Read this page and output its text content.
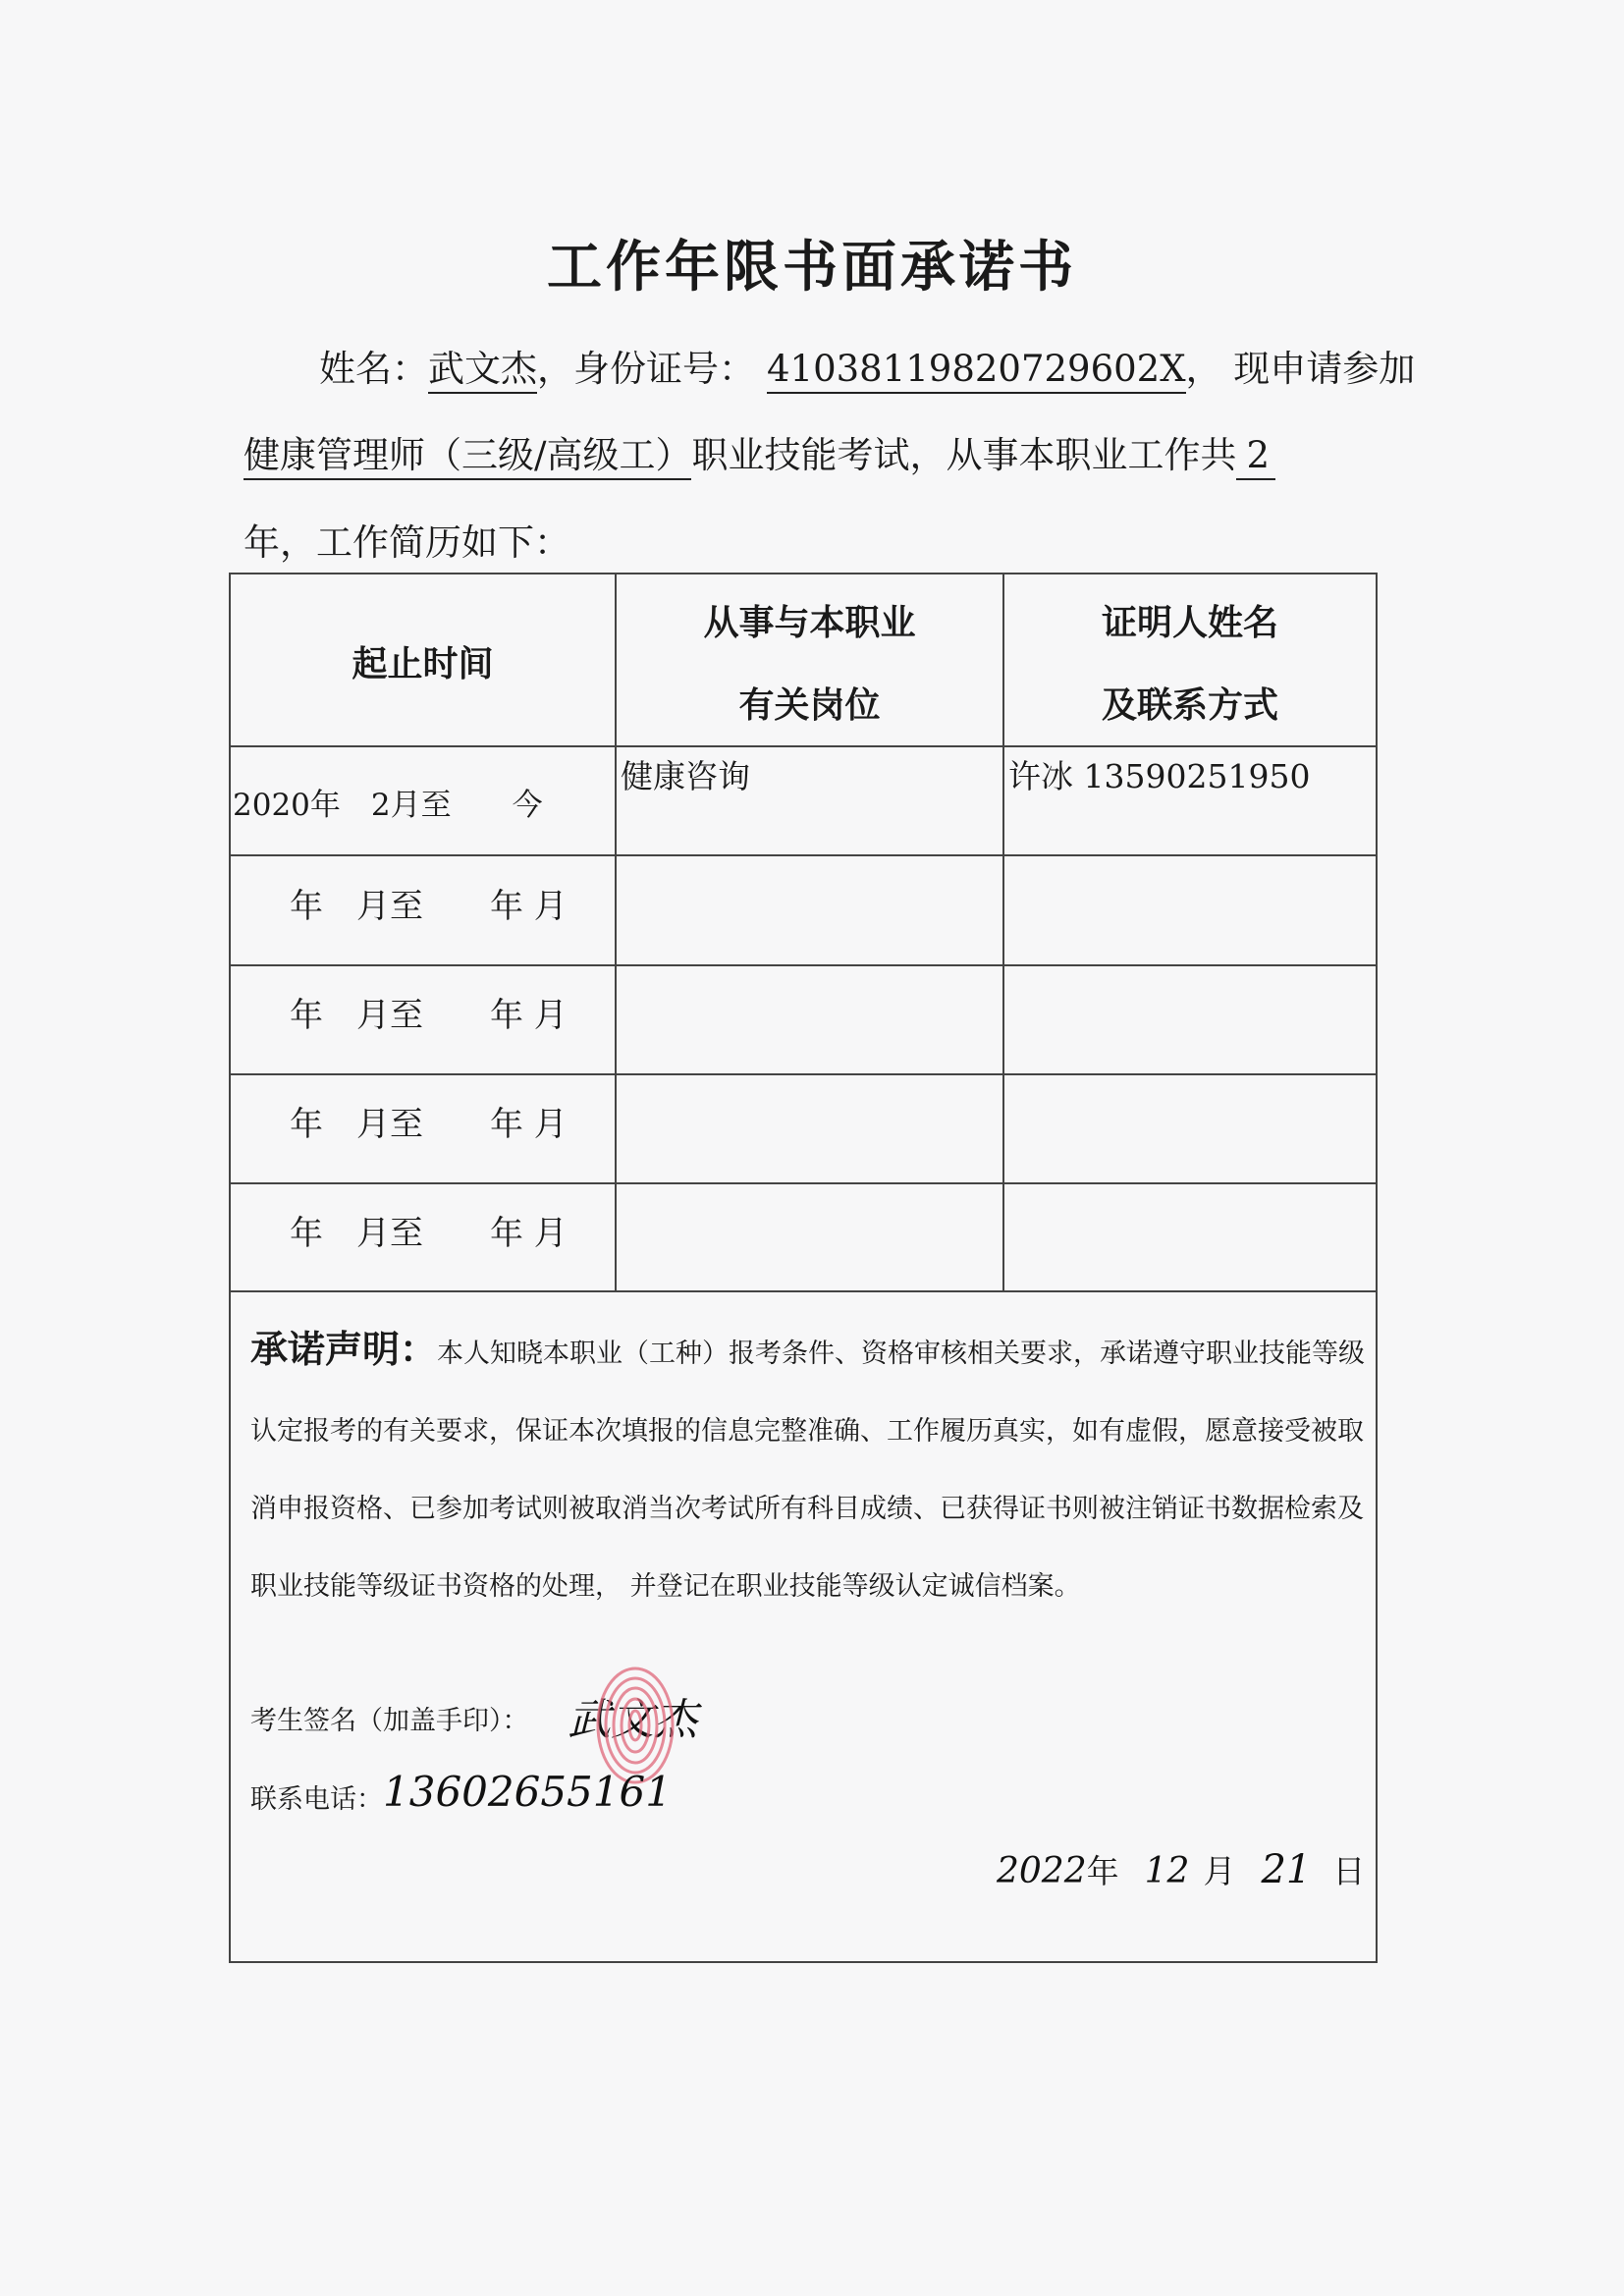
工作年限书面承诺书
姓名：武文杰，身份证号： 41038119820729602X， 现申请参加
健康管理师（三级/高级工）职业技能考试，从事本职业工作共 2
年，工作简历如下：
起止时间
从事与本职业
有关岗位
证明人姓名
及联系方式
2020年　2月至　　今
健康咨询	许冰 13590251950
年　月至　　年 月
年　月至　　年 月
年　月至　　年 月
年　月至　　年 月
承诺声明：本人知晓本职业（工种）报考条件、资格审核相关要求，承诺遵守职业技能等级认定报考的有关要求，保证本次填报的信息完整准确、工作履历真实，如有虚假，愿意接受被取消申报资格、已参加考试则被取消当次考试所有科目成绩、已获得证书则被注销证书数据检索及职业技能等级证书资格的处理， 并登记在职业技能等级认定诚信档案。
考生签名（加盖手印）： 武文杰
联系电话： 13602655161
2022年 12 月 21 日
